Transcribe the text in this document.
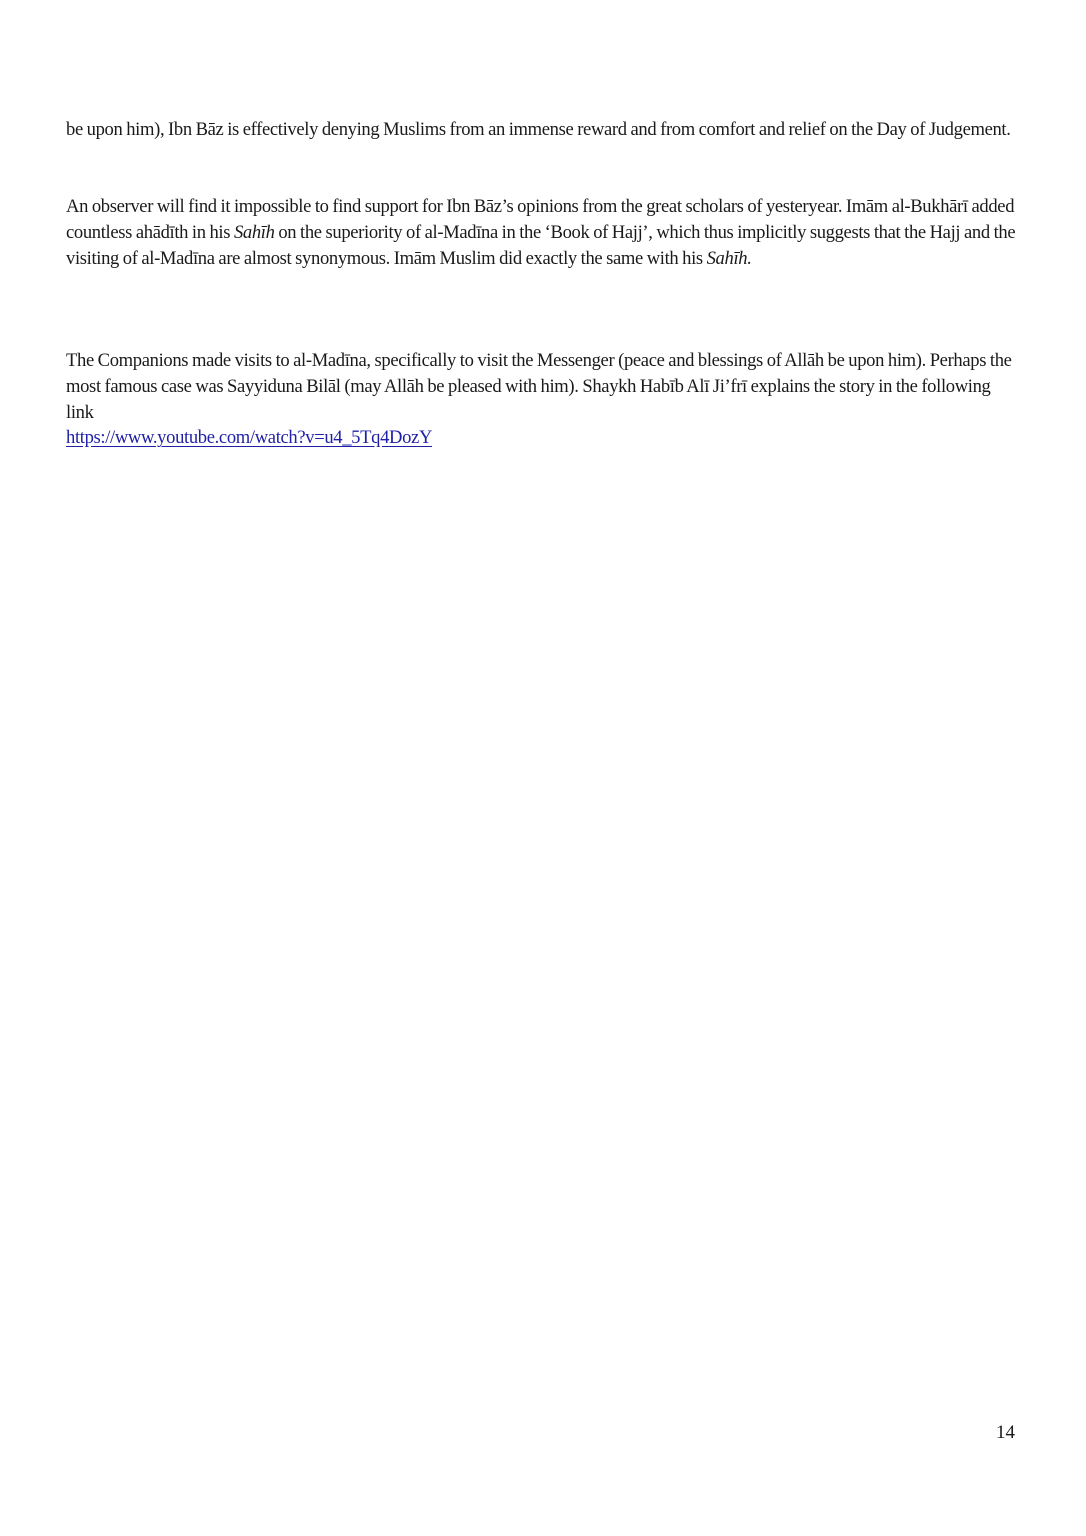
be upon him), Ibn Bāz is effectively denying Muslims from an immense reward and from comfort and relief on the Day of Judgement.

An observer will find it impossible to find support for Ibn Bāz’s opinions from the great scholars of yesteryear. Imām al-Bukhārī added countless ahādīth in his Sahīh on the superiority of al-Madīna in the ‘Book of Hajj’, which thus implicitly suggests that the Hajj and the visiting of al-Madīna are almost synonymous. Imām Muslim did exactly the same with his Sahīh.

The Companions made visits to al-Madīna, specifically to visit the Messenger (peace and blessings of Allāh be upon him). Perhaps the most famous case was Sayyiduna Bilāl (may Allāh be pleased with him). Shaykh Habīb Alī Ji’frī explains the story in the following link
https://www.youtube.com/watch?v=u4_5Tq4DozY

14
